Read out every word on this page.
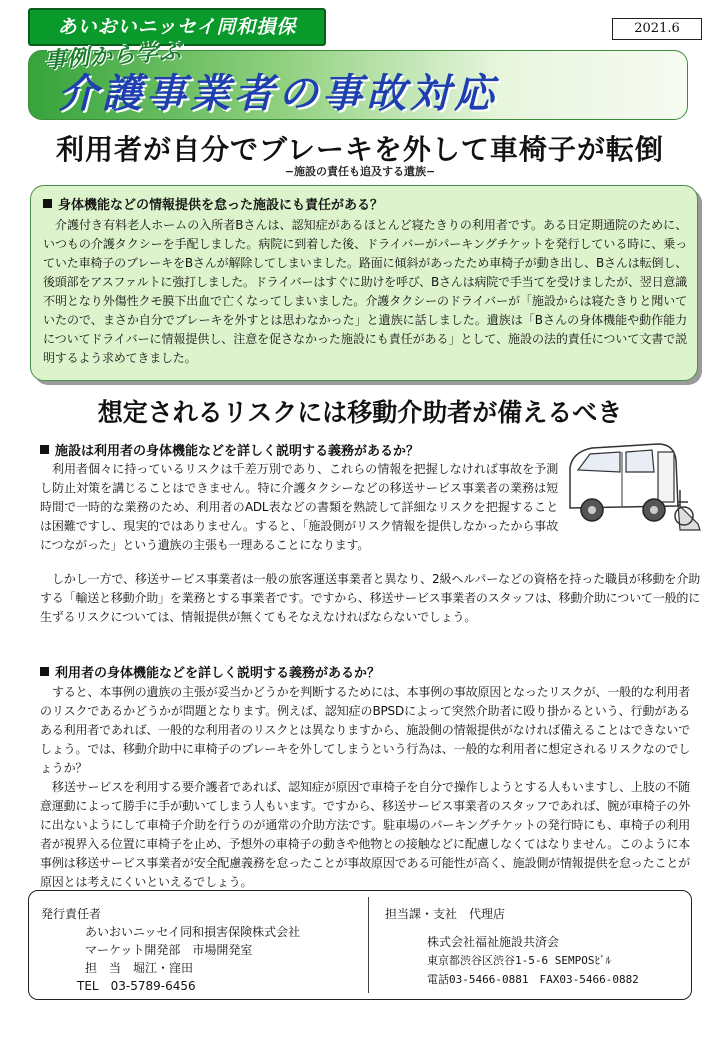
あいおいニッセイ同和損保	2021.6
事例から学ぶ
介護事業者の事故対応
利用者が自分でブレーキを外して車椅子が転倒
−施設の責任も追及する遺族−

身体機能などの情報提供を怠った施設にも責任がある？

介護付き有料老人ホームの入所者Bさんは、認知症があるほとんど寝たきりの利用者です。ある日定期通院のために、いつもの介護タクシーを手配しました。病院に到着した後、ドライバーがパーキングチケットを発行している時に、乗っていた車椅子のブレーキをBさんが解除してしまいました。路面に傾斜があったため車椅子が動き出し、Bさんは転倒し、後頭部をアスファルトに強打しました。ドライバーはすぐに助けを呼び、Bさんは病院で手当てを受けましたが、翌日意識不明となり外傷性クモ膜下出血で亡くなってしまいました。介護タクシーのドライバーが「施設からは寝たきりと聞いていたので、まさか自分でブレーキを外すとは思わなかった」と遺族に話しました。遺族は「Bさんの身体機能や動作能力についてドライバーに情報提供し、注意を促さなかった施設にも責任がある」として、施設の法的責任について文書で説明するよう求めてきました。

想定されるリスクには移動介助者が備えるべき
施設は利用者の身体機能などを詳しく説明する義務があるか？

利用者個々に持っているリスクは千差万別であり、これらの情報を把握しなければ事故を予測し防止対策を講じることはできません。特に介護タクシーなどの移送サービス事業者の業務は短時間で一時的な業務のため、利用者のADL表などの書類を熟読して詳細なリスクを把握することは困難ですし、現実的ではありません。すると、「施設側がリスク情報を提供しなかったから事故につながった」という遺族の主張も一理あることになります。

しかし一方で、移送サービス事業者は一般の旅客運送事業者と異なり、2級ヘルパーなどの資格を持った職員が移動を介助する「輸送と移動介助」を業務とする事業者です。ですから、移送サービス事業者のスタッフは、移動介助について一般的に生ずるリスクについては、情報提供が無くてもそなえなければならないでしょう。

利用者の身体機能などを詳しく説明する義務があるか？

すると、本事例の遺族の主張が妥当かどうかを判断するためには、本事例の事故原因となったリスクが、一般的な利用者のリスクであるかどうかが問題となります。例えば、認知症のBPSDによって突然介助者に殴り掛かるという、行動があるある利用者であれば、一般的な利用者のリスクとは異なりますから、施設側の情報提供がなければ備えることはできないでしょう。では、移動介助中に車椅子のブレーキを外してしまうという行為は、一般的な利用者に想定されるリスクなのでしょうか？

移送サービスを利用する要介護者であれば、認知症が原因で車椅子を自分で操作しようとする人もいますし、上肢の不随意運動によって勝手に手が動いてしまう人もいます。ですから、移送サービス事業者のスタッフであれば、腕が車椅子の外に出ないようにして車椅子介助を行うのが通常の介助方法です。駐車場のパーキングチケットの発行時にも、車椅子の利用者が視界入る位置に車椅子を止め、予想外の車椅子の動きや他物との接触などに配慮しなくてはなりません。このように本事例は移送サービス事業者が安全配慮義務を怠ったことが事故原因である可能性が高く、施設側が情報提供を怠ったことが原因とは考えにくいといえるでしょう。

発行責任者
あいおいニッセイ同和損害保険株式会社
マーケット開発部　市場開発室
担　当　堀江・窪田
TEL　03-5789-6456
担当課・支社　代理店
株式会社福祉施設共済会
東京都渋谷区渋谷1-5-6 SEMPOSﾋﾞﾙ
電話03-5466-0881　FAX03-5466-0882
